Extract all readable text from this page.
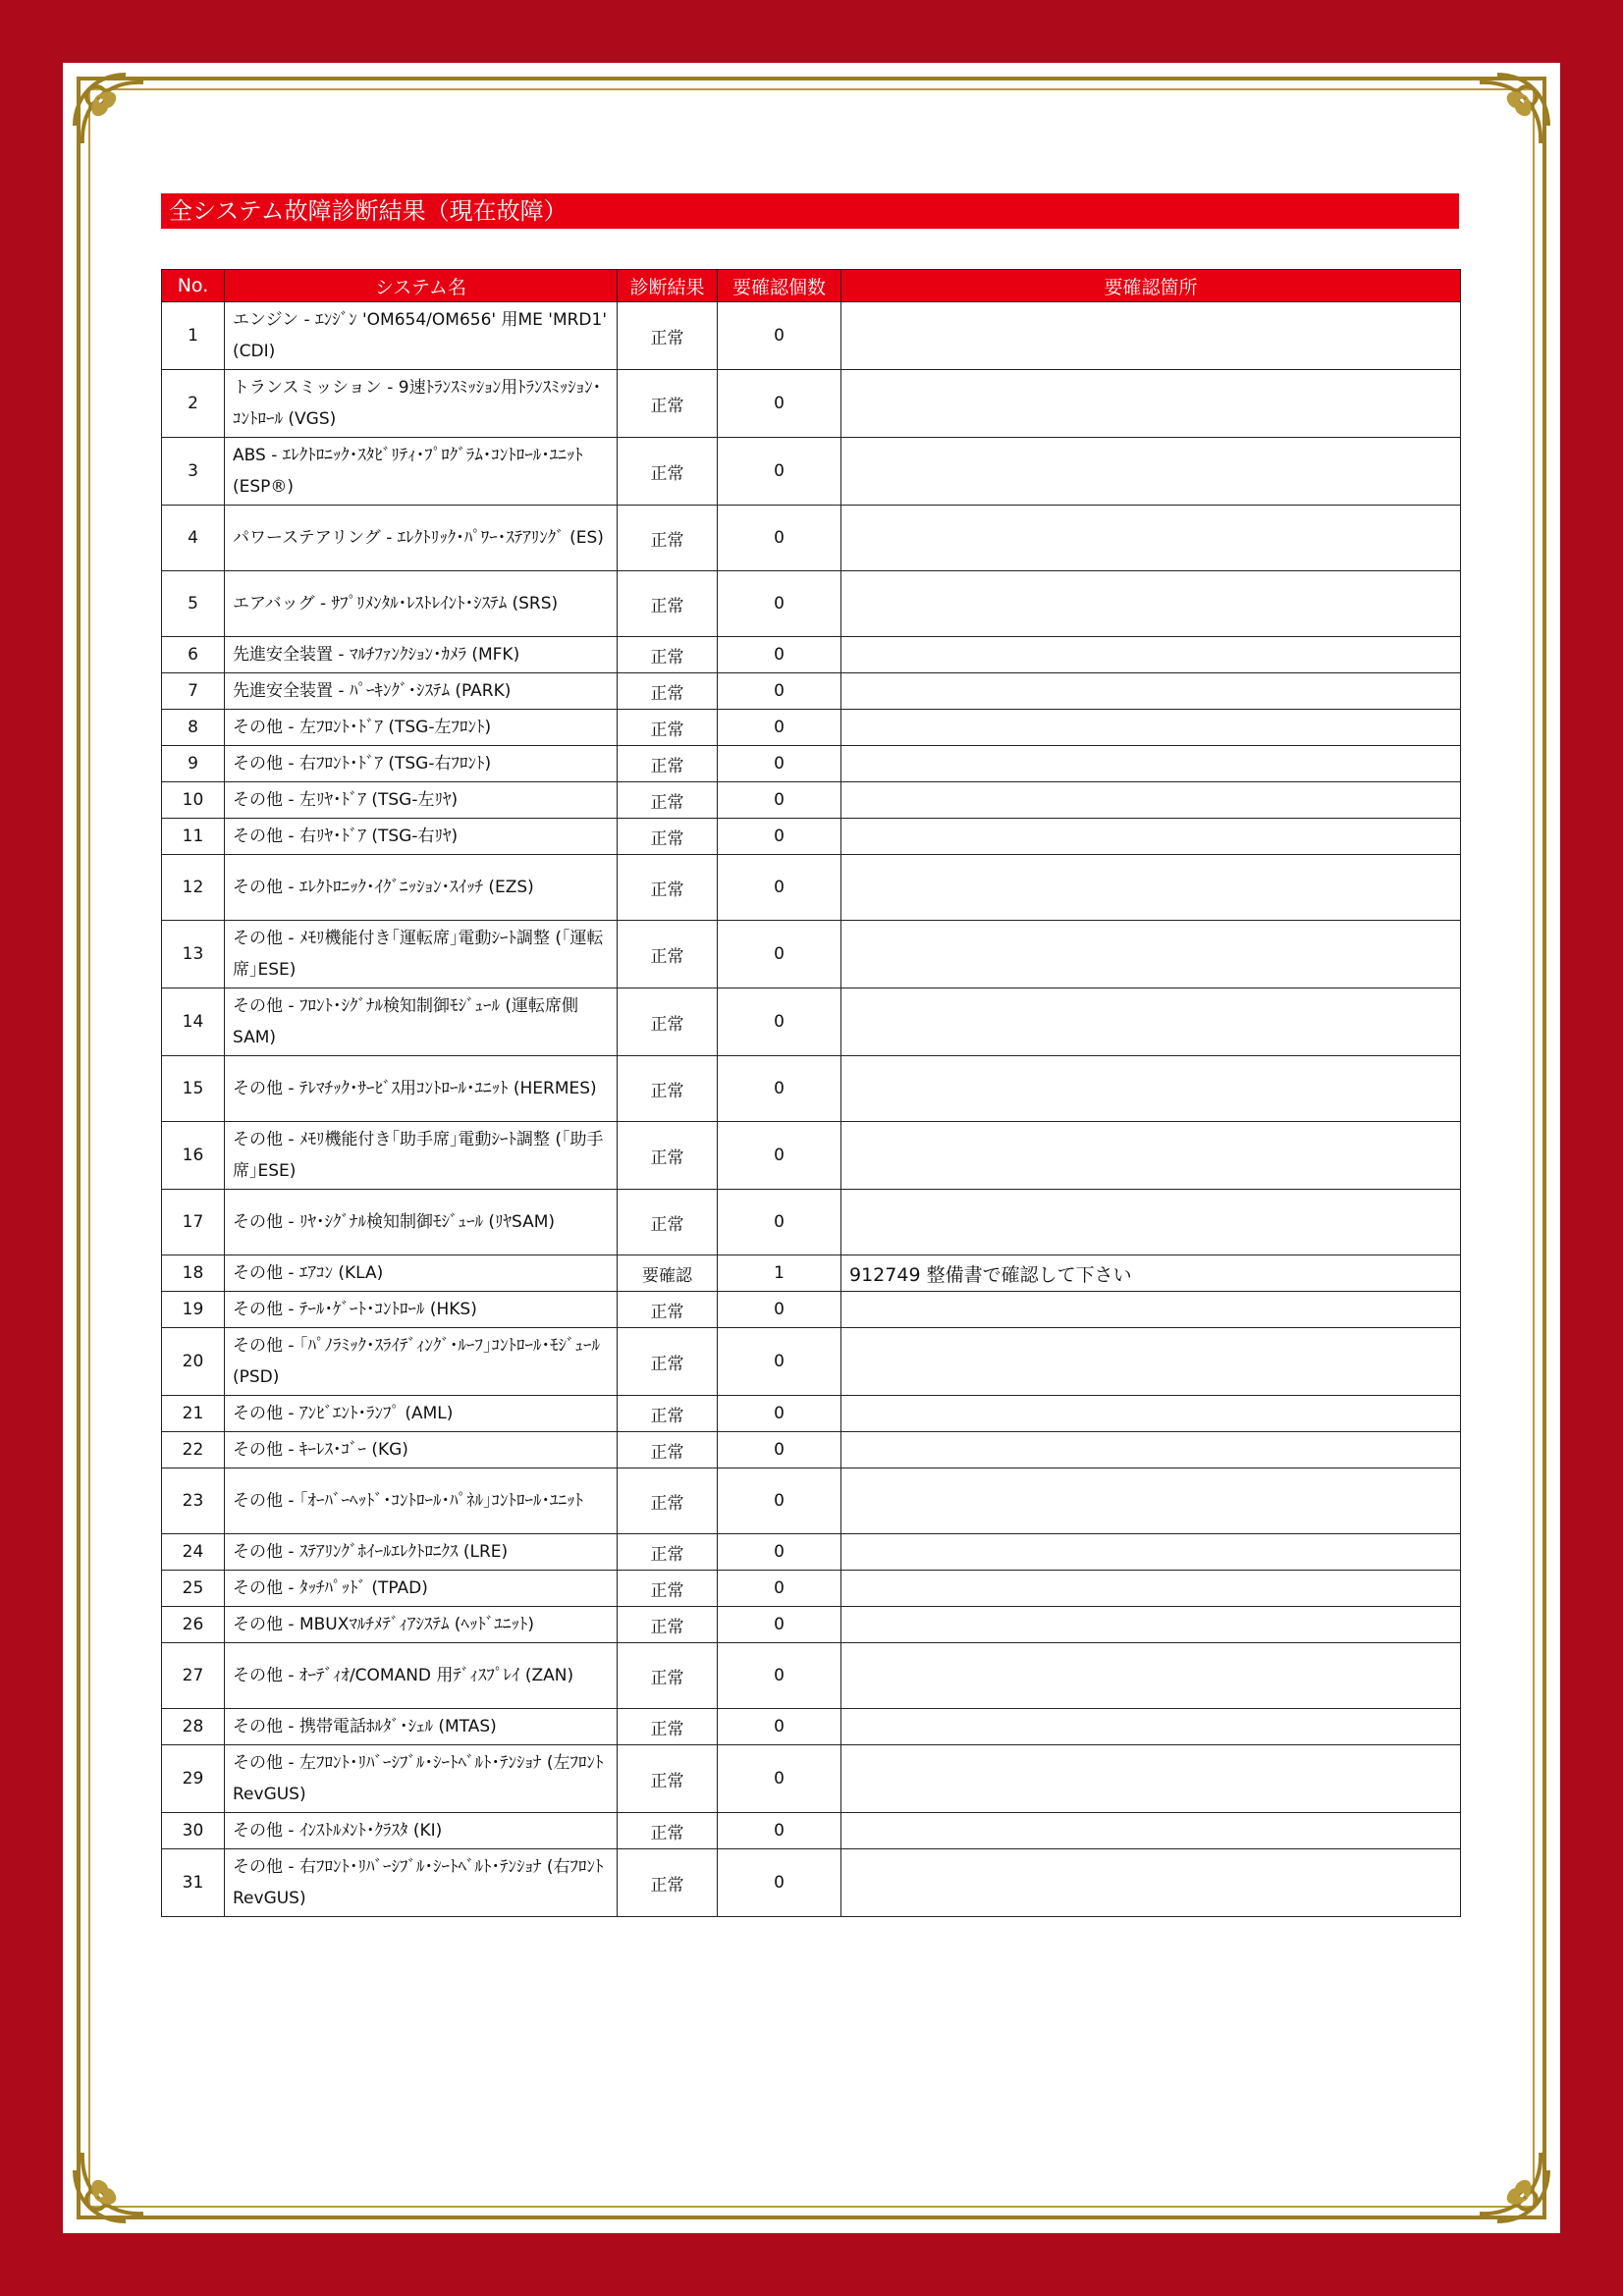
全システム故障診断結果（現在故障）
No.	システム名	診断結果	要確認個数	要確認箇所
1	エンジン - ｴﾝｼﾞﾝ 'OM654/OM656' 用ME 'MRD1' (CDI)	正常	0	
2	トランスミッション - 9速ﾄﾗﾝｽﾐｯｼｮﾝ用ﾄﾗﾝｽﾐｯｼｮﾝ･ｺﾝﾄﾛｰﾙ (VGS)	正常	0	
3	ABS - ｴﾚｸﾄﾛﾆｯｸ･ｽﾀﾋﾞﾘﾃｨ･ﾌﾟﾛｸﾞﾗﾑ･ｺﾝﾄﾛｰﾙ･ﾕﾆｯﾄ (ESP®)	正常	0	
4	パワーステアリング - ｴﾚｸﾄﾘｯｸ･ﾊﾟﾜｰ･ｽﾃｱﾘﾝｸﾞ (ES)	正常	0	
5	エアバッグ - ｻﾌﾟﾘﾒﾝﾀﾙ･ﾚｽﾄﾚｲﾝﾄ･ｼｽﾃﾑ (SRS)	正常	0	
6	先進安全装置 - ﾏﾙﾁﾌｧﾝｸｼｮﾝ･ｶﾒﾗ (MFK)	正常	0	
7	先進安全装置 - ﾊﾟｰｷﾝｸﾞ･ｼｽﾃﾑ (PARK)	正常	0	
8	その他 - 左ﾌﾛﾝﾄ･ﾄﾞｱ (TSG-左ﾌﾛﾝﾄ)	正常	0	
9	その他 - 右ﾌﾛﾝﾄ･ﾄﾞｱ (TSG-右ﾌﾛﾝﾄ)	正常	0	
10	その他 - 左ﾘﾔ･ﾄﾞｱ (TSG-左ﾘﾔ)	正常	0	
11	その他 - 右ﾘﾔ･ﾄﾞｱ (TSG-右ﾘﾔ)	正常	0	
12	その他 - ｴﾚｸﾄﾛﾆｯｸ･ｲｸﾞﾆｯｼｮﾝ･ｽｲｯﾁ (EZS)	正常	0	
13	その他 - ﾒﾓﾘ機能付き｢運転席｣電動ｼｰﾄ調整 (｢運転席｣ESE)	正常	0	
14	その他 - ﾌﾛﾝﾄ･ｼｸﾞﾅﾙ検知制御ﾓｼﾞｭｰﾙ (運転席側SAM)	正常	0	
15	その他 - ﾃﾚﾏﾁｯｸ･ｻｰﾋﾞｽ用ｺﾝﾄﾛｰﾙ･ﾕﾆｯﾄ (HERMES)	正常	0	
16	その他 - ﾒﾓﾘ機能付き｢助手席｣電動ｼｰﾄ調整 (｢助手席｣ESE)	正常	0	
17	その他 - ﾘﾔ･ｼｸﾞﾅﾙ検知制御ﾓｼﾞｭｰﾙ (ﾘﾔSAM)	正常	0	
18	その他 - ｴｱｺﾝ (KLA)	要確認	1	912749 整備書で確認して下さい
19	その他 - ﾃｰﾙ･ｹﾞｰﾄ･ｺﾝﾄﾛｰﾙ (HKS)	正常	0	
20	その他 - ｢ﾊﾟﾉﾗﾐｯｸ･ｽﾗｲﾃﾞｨﾝｸﾞ･ﾙｰﾌ｣ｺﾝﾄﾛｰﾙ･ﾓｼﾞｭｰﾙ (PSD)	正常	0	
21	その他 - ｱﾝﾋﾞｴﾝﾄ･ﾗﾝﾌﾟ (AML)	正常	0	
22	その他 - ｷｰﾚｽ･ｺﾞｰ (KG)	正常	0	
23	その他 - ｢ｵｰﾊﾞｰﾍｯﾄﾞ･ｺﾝﾄﾛｰﾙ･ﾊﾟﾈﾙ｣ｺﾝﾄﾛｰﾙ･ﾕﾆｯﾄ	正常	0	
24	その他 - ｽﾃｱﾘﾝｸﾞﾎｲｰﾙｴﾚｸﾄﾛﾆｸｽ (LRE)	正常	0	
25	その他 - ﾀｯﾁﾊﾟｯﾄﾞ (TPAD)	正常	0	
26	その他 - MBUXﾏﾙﾁﾒﾃﾞｨｱｼｽﾃﾑ (ﾍｯﾄﾞﾕﾆｯﾄ)	正常	0	
27	その他 - ｵｰﾃﾞｨｵ/COMAND 用ﾃﾞｨｽﾌﾟﾚｲ (ZAN)	正常	0	
28	その他 - 携帯電話ﾎﾙﾀﾞ･ｼｪﾙ (MTAS)	正常	0	
29	その他 - 左ﾌﾛﾝﾄ･ﾘﾊﾞｰｼﾌﾞﾙ･ｼｰﾄﾍﾞﾙﾄ･ﾃﾝｼｮﾅ (左ﾌﾛﾝﾄ RevGUS)	正常	0	
30	その他 - ｲﾝｽﾄﾙﾒﾝﾄ･ｸﾗｽﾀ (KI)	正常	0	
31	その他 - 右ﾌﾛﾝﾄ･ﾘﾊﾞｰｼﾌﾞﾙ･ｼｰﾄﾍﾞﾙﾄ･ﾃﾝｼｮﾅ (右ﾌﾛﾝﾄ RevGUS)	正常	0	
